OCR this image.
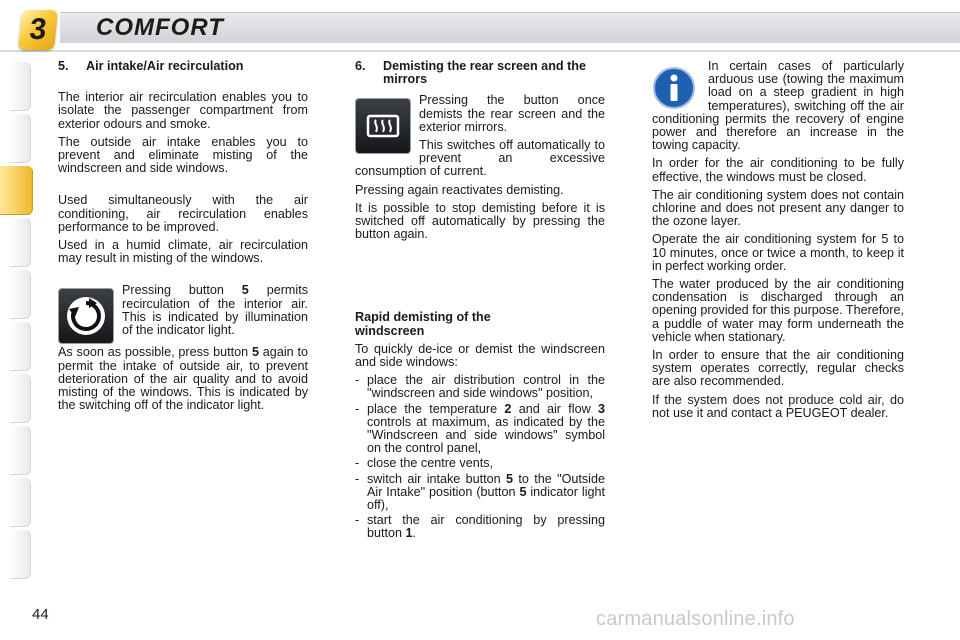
3 COMFORT
5.	Air intake/Air recirculation

The interior air recirculation enables you to isolate the passenger compartment from exterior odours and smoke.

The outside air intake enables you to prevent and eliminate misting of the windscreen and side windows.

Used simultaneously with the air conditioning, air recirculation enables performance to be improved.

Used in a humid climate, air recirculation may result in misting of the windows.

Pressing button 5 permits recirculation of the interior air. This is indicated by illumination of the indicator light.

As soon as possible, press button 5 again to permit the intake of outside air, to prevent deterioration of the air quality and to avoid misting of the windows. This is indicated by the switching off of the indicator light.

6.	Demisting the rear screen and the mirrors

Pressing the button once demists the rear screen and the exterior mirrors.

This switches off automatically to prevent an excessive consumption of current.

Pressing again reactivates demisting.

It is possible to stop demisting before it is switched off automatically by pressing the button again.

Rapid demisting of the windscreen

To quickly de-ice or demist the windscreen and side windows:

- place the air distribution control in the "windscreen and side windows" position,
- place the temperature 2 and air flow 3 controls at maximum, as indicated by the "Windscreen and side windows" symbol on the control panel,
- close the centre vents,
- switch air intake button 5 to the "Outside Air Intake" position (button 5 indicator light off),
- start the air conditioning by pressing button 1.

In certain cases of particularly arduous use (towing the maximum load on a steep gradient in high temperatures), switching off the air conditioning permits the recovery of engine power and therefore an increase in the towing capacity.

In order for the air conditioning to be fully effective, the windows must be closed.

The air conditioning system does not contain chlorine and does not present any danger to the ozone layer.

Operate the air conditioning system for 5 to 10 minutes, once or twice a month, to keep it in perfect working order.

The water produced by the air conditioning condensation is discharged through an opening provided for this purpose. Therefore, a puddle of water may form underneath the vehicle when stationary.

In order to ensure that the air conditioning system operates correctly, regular checks are also recommended.

If the system does not produce cold air, do not use it and contact a PEUGEOT dealer.

44	carmanualsonline.info
